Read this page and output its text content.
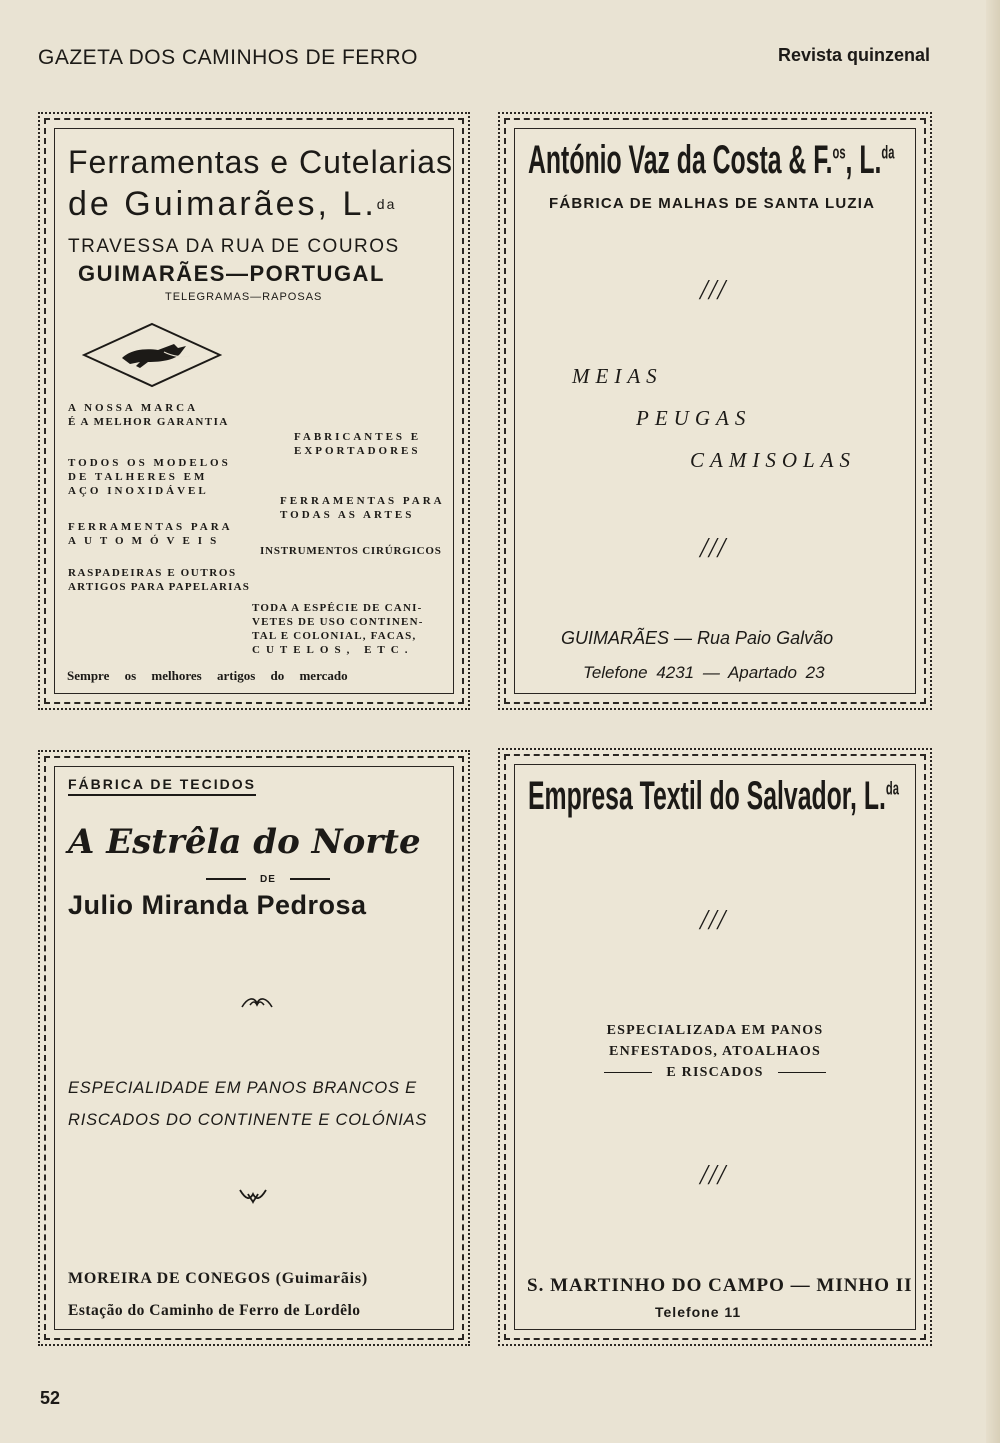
GAZETA DOS CAMINHOS DE FERRO	Revista quinzenal
Ferramentas e Cutelarias
de Guimarães, L.$^{da}$
TRAVESSA DA RUA DE COUROS
GUIMARÃES—PORTUGAL
TELEGRAMAS—RAPOSAS
A NOSSA MARCA
É A MELHOR GARANTIA
FABRICANTES E
EXPORTADORES
TODOS OS MODELOS
DE TALHERES EM
AÇO INOXIDÁVEL
FERRAMENTAS PARA
TODAS AS ARTES
FERRAMENTAS PARA
AUTOMÓVEIS
INSTRUMENTOS CIRÚRGICOS
RASPADEIRAS E OUTROS
ARTIGOS PARA PAPELARIAS
TODA A ESPÉCIE DE CANI-
VETES DE USO CONTINEN-
TAL E COLONIAL, FACAS,
CUTELOS, ETC.
Sempre os melhores artigos do mercado
António Vaz da Costa & F.$^{os}$, L.$^{da}$
FÁBRICA DE MALHAS DE SANTA LUZIA
///
MEIAS
PEUGAS
CAMISOLAS
///
GUIMARÃES — Rua Paio Galvão
Telefone 4231 — Apartado 23
FÁBRICA DE TECIDOS
A Estrêla do Norte
DE
Julio Miranda Pedrosa
ESPECIALIDADE EM PANOS BRANCOS E
RISCADOS DO CONTINENTE E COLÓNIAS
MOREIRA DE CONEGOS (Guimarãis)
Estação do Caminho de Ferro de Lordêlo
Empresa Textil do Salvador, L.$^{da}$
///
ESPECIALIZADA EM PANOS
ENFESTADOS, ATOALHAOS
E RISCADOS
///
S. MARTINHO DO CAMPO — MINHO II
Telefone 11
52
